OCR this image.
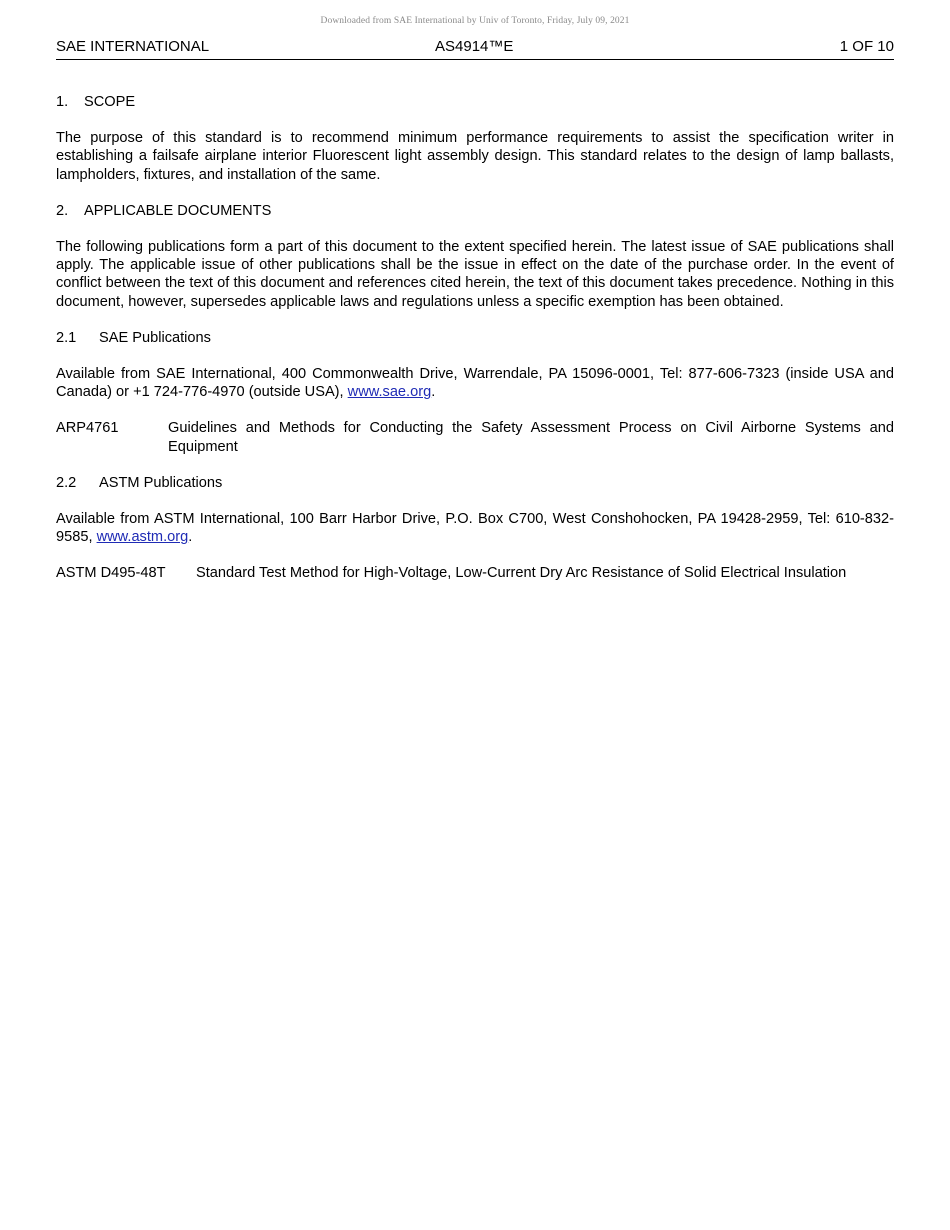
Downloaded from SAE International by Univ of Toronto, Friday, July 09, 2021
SAE INTERNATIONAL	AS4914™E	1 OF 10
1.	SCOPE

The purpose of this standard is to recommend minimum performance requirements to assist the specification writer in establishing a failsafe airplane interior Fluorescent light assembly design. This standard relates to the design of lamp ballasts, lampholders, fixtures, and installation of the same.

2.	APPLICABLE DOCUMENTS

The following publications form a part of this document to the extent specified herein. The latest issue of SAE publications shall apply. The applicable issue of other publications shall be the issue in effect on the date of the purchase order. In the event of conflict between the text of this document and references cited herein, the text of this document takes precedence. Nothing in this document, however, supersedes applicable laws and regulations unless a specific exemption has been obtained.

2.1	SAE Publications

Available from SAE International, 400 Commonwealth Drive, Warrendale, PA 15096-0001, Tel: 877-606-7323 (inside USA and Canada) or +1 724-776-4970 (outside USA), www.sae.org.

ARP4761	Guidelines and Methods for Conducting the Safety Assessment Process on Civil Airborne Systems and Equipment
2.2	ASTM Publications

Available from ASTM International, 100 Barr Harbor Drive, P.O. Box C700, West Conshohocken, PA 19428-2959, Tel: 610-832-9585, www.astm.org.

ASTM D495-48T	Standard Test Method for High-Voltage, Low-Current Dry Arc Resistance of Solid Electrical Insulation
